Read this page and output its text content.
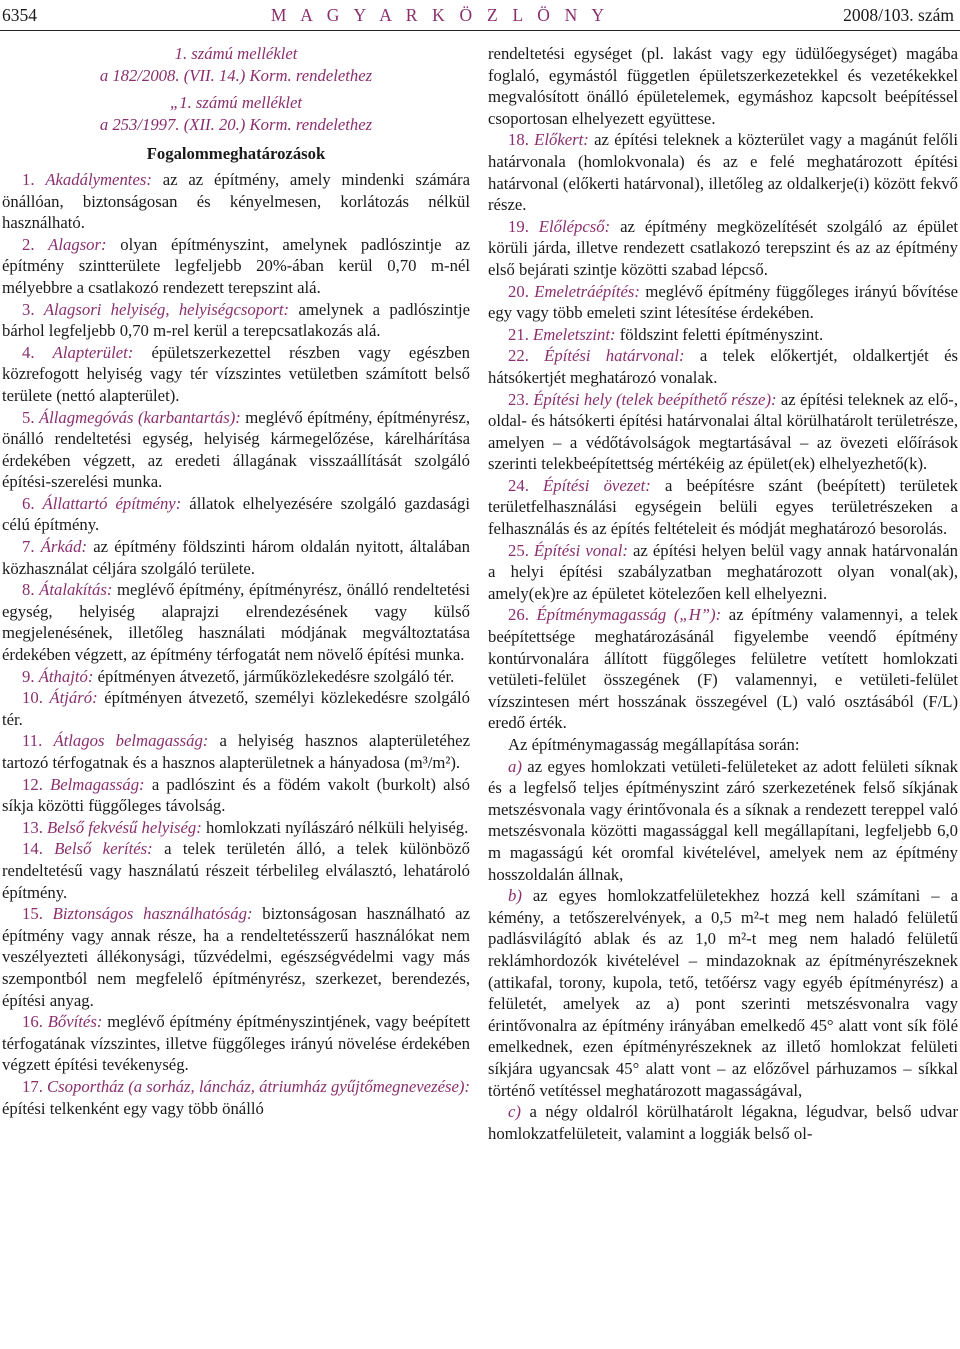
6354	M A G Y A R K Ö Z L Ö N Y	2008/103. szám
1. számú melléklet
a 182/2008. (VII. 14.) Korm. rendelethez
„1. számú melléklet
a 253/1997. (XII. 20.) Korm. rendelethez
Fogalommeghatározások

1. Akadálymentes: az az építmény, amely mindenki számára önállóan, biztonságosan és kényelmesen, korlátozás nélkül használható.

2. Alagsor: olyan építményszint, amelynek padlószintje az építmény szintterülete legfeljebb 20%-ában kerül 0,70 m-nél mélyebbre a csatlakozó rendezett terepszint alá.

3. Alagsori helyiség, helyiségcsoport: amelynek a padlószintje bárhol legfeljebb 0,70 m-rel kerül a terepcsatlakozás alá.

4. Alapterület: épületszerkezettel részben vagy egészben közrefogott helyiség vagy tér vízszintes vetületben számított belső területe (nettó alapterület).

5. Állagmegóvás (karbantartás): meglévő építmény, építményrész, önálló rendeltetési egység, helyiség kármegelőzése, kárelhárítása érdekében végzett, az eredeti állagának visszaállítását szolgáló építési-szerelési munka.

6. Állattartó építmény: állatok elhelyezésére szolgáló gazdasági célú építmény.

7. Árkád: az építmény földszinti három oldalán nyitott, általában közhasználat céljára szolgáló területe.

8. Átalakítás: meglévő építmény, építményrész, önálló rendeltetési egység, helyiség alaprajzi elrendezésének vagy külső megjelenésének, illetőleg használati módjának megváltoztatása érdekében végzett, az építmény térfogatát nem növelő építési munka.

9. Áthajtó: építményen átvezető, járműközlekedésre szolgáló tér.

10. Átjáró: építményen átvezető, személyi közlekedésre szolgáló tér.

11. Átlagos belmagasság: a helyiség hasznos alapterületéhez tartozó térfogatnak és a hasznos alapterületnek a hányadosa (m³/m²).

12. Belmagasság: a padlószint és a födém vakolt (burkolt) alsó síkja közötti függőleges távolság.

13. Belső fekvésű helyiség: homlokzati nyílászáró nélküli helyiség.

14. Belső kerítés: a telek területén álló, a telek különböző rendeltetésű vagy használatú részeit térbelileg elválasztó, lehatároló építmény.

15. Biztonságos használhatóság: biztonságosan használható az építmény vagy annak része, ha a rendeltetésszerű használókat nem veszélyezteti állékonysági, tűzvédelmi, egészségvédelmi vagy más szempontból nem megfelelő építményrész, szerkezet, berendezés, építési anyag.

16. Bővítés: meglévő építmény építményszintjének, vagy beépített térfogatának vízszintes, illetve függőleges irányú növelése érdekében végzett építési tevékenység.

17. Csoportház (a sorház, láncház, átriumház gyűjtőmegnevezése): építési telkenként egy vagy több önálló

rendeltetési egységet (pl. lakást vagy egy üdülőegységet) magába foglaló, egymástól független épületszerkezetekkel és vezetékekkel megvalósított önálló épületelemek, egymáshoz kapcsolt beépítéssel csoportosan elhelyezett együttese.

18. Előkert: az építési teleknek a közterület vagy a magánút felőli határvonala (homlokvonala) és az e felé meghatározott építési határvonal (előkerti határvonal), illetőleg az oldalkerje(i) között fekvő része.

19. Előlépcső: az építmény megközelítését szolgáló az épület körüli járda, illetve rendezett csatlakozó terepszint és az az építmény első bejárati szintje közötti szabad lépcső.

20. Emeletráépítés: meglévő építmény függőleges irányú bővítése egy vagy több emeleti szint létesítése érdekében.

21. Emeletszint: földszint feletti építményszint.

22. Építési határvonal: a telek előkertjét, oldalkertjét és hátsókertjét meghatározó vonalak.

23. Építési hely (telek beépíthető része): az építési teleknek az elő-, oldal- és hátsókerti építési határvonalai által körülhatárolt területrésze, amelyen – a védőtávolságok megtartásával – az övezeti előírások szerinti telekbeépítettség mértékéig az épület(ek) elhelyezhető(k).

24. Építési övezet: a beépítésre szánt (beépített) területek területfelhasználási egységein belüli egyes területrészeken a felhasználás és az építés feltételeit és módját meghatározó besorolás.

25. Építési vonal: az építési helyen belül vagy annak határvonalán a helyi építési szabályzatban meghatározott olyan vonal(ak), amely(ek)re az épületet kötelezően kell elhelyezni.

26. Építménymagasság („H”): az építmény valamennyi, a telek beépítettsége meghatározásánál figyelembe veendő építmény kontúrvonalára állított függőleges felületre vetített homlokzati vetületi-felület összegének (F) valamennyi, e vetületi-felület vízszintesen mért hosszának összegével (L) való osztásából (F/L) eredő érték.

Az építménymagasság megállapítása során:

a) az egyes homlokzati vetületi-felületeket az adott felületi síknak és a legfelső teljes építményszint záró szerkezetének felső síkjának metszésvonala vagy érintővonala és a síknak a rendezett tereppel való metszésvonala közötti magassággal kell megállapítani, legfeljebb 6,0 m magasságú két oromfal kivételével, amelyek nem az építmény hosszoldalán állnak,

b) az egyes homlokzatfelületekhez hozzá kell számítani – a kémény, a tetőszerelvények, a 0,5 m²-t meg nem haladó felületű padlásvilágító ablak és az 1,0 m²-t meg nem haladó felületű reklámhordozók kivételével – mindazoknak az építményrészeknek (attikafal, torony, kupola, tető, tetőérsz vagy egyéb építményrész) a felületét, amelyek az a) pont szerinti metszésvonalra vagy érintővonalra az építmény irányában emelkedő 45° alatt vont sík fölé emelkednek, ezen építményrészeknek az illető homlokzat felületi síkjára ugyancsak 45° alatt vont – az előzővel párhuzamos – síkkal történő vetítéssel meghatározott magasságával,

c) a négy oldalról körülhatárolt légakna, légudvar, belső udvar homlokzatfelületeit, valamint a loggiák belső ol-
